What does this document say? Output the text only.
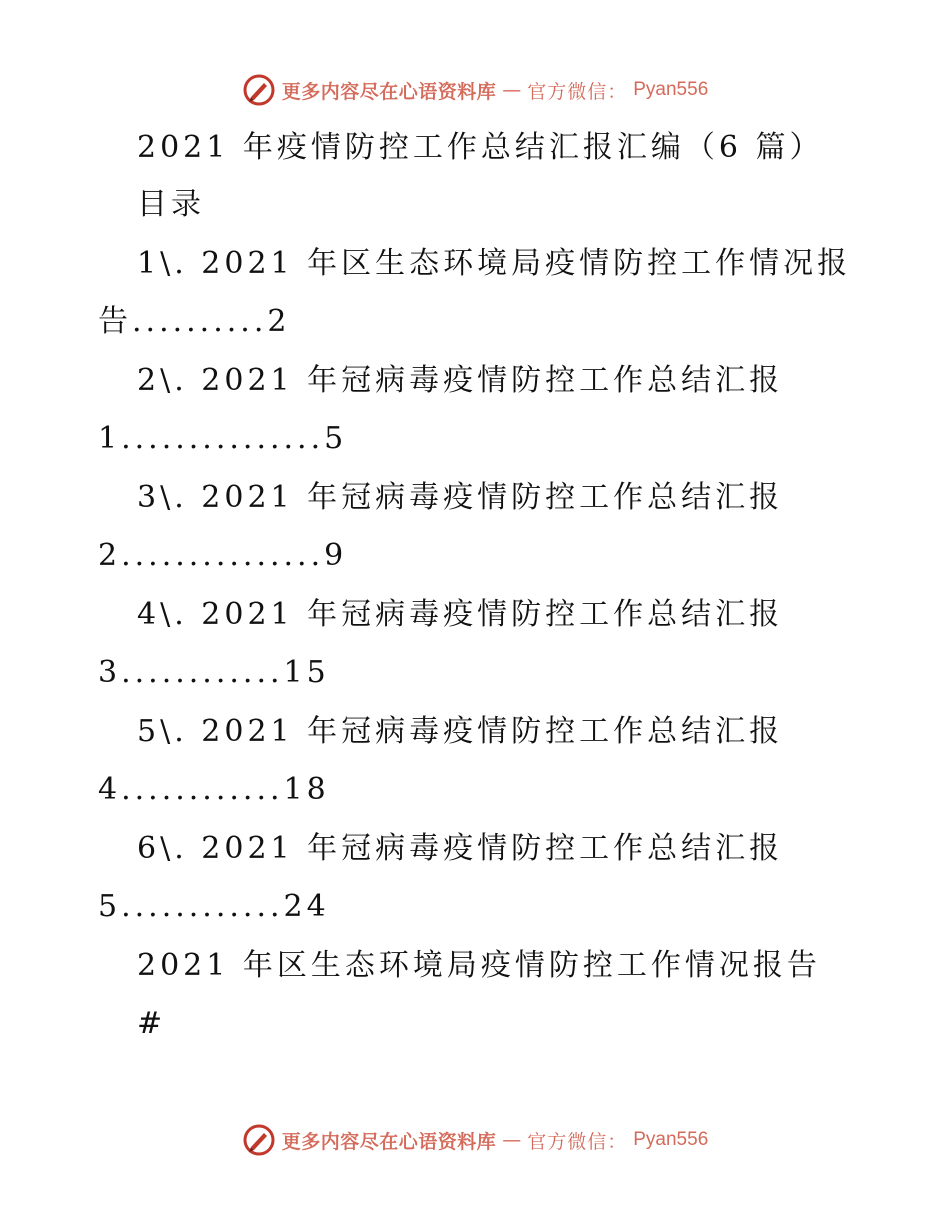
更多内容尽在心语资料库 — 官方微信： Pyan556
2021 年疫情防控工作总结汇报汇编（6 篇）
目录
1\. 2021 年区生态环境局疫情防控工作情况报
告..........2
2\. 2021 年冠病毒疫情防控工作总结汇报
1...............5
3\. 2021 年冠病毒疫情防控工作总结汇报
2...............9
4\. 2021 年冠病毒疫情防控工作总结汇报
3............15
5\. 2021 年冠病毒疫情防控工作总结汇报
4............18
6\. 2021 年冠病毒疫情防控工作总结汇报
5............24
2021 年区生态环境局疫情防控工作情况报告
#
更多内容尽在心语资料库 — 官方微信： Pyan556
